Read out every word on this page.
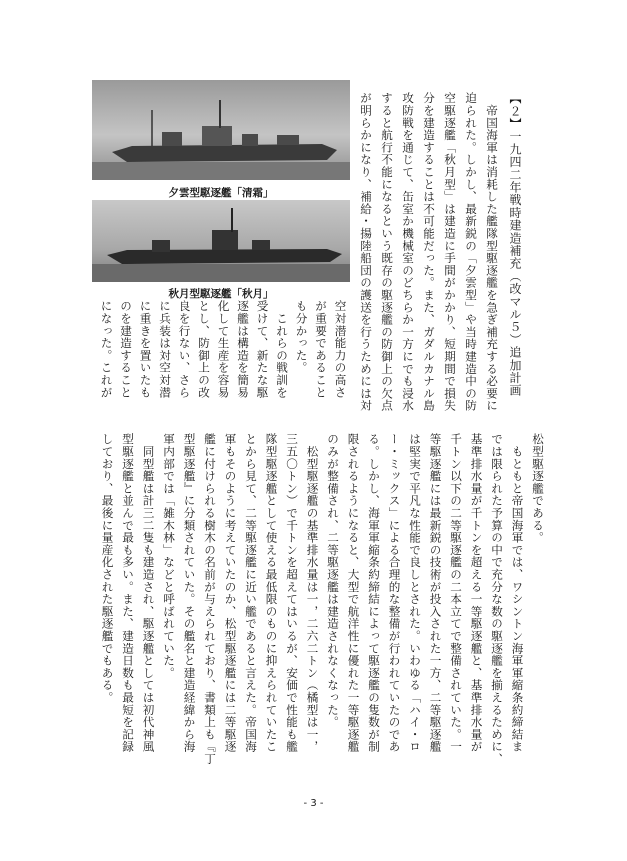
【２】一九四二年戦時建造補充（改マル５）追加計画
　帝国海軍は消耗した艦隊型駆逐艦を急ぎ補充する必要に
迫られた。しかし、最新鋭の「夕雲型」や当時建造中の防
空駆逐艦「秋月型」は建造に手間がかかり、短期間で損失
分を建造することは不可能だった。また、ガダルカナル島
攻防戦を通じて、缶室か機械室のどちらか一方にでも浸水
すると航行不能になるという既存の駆逐艦の防御上の欠点
が明らかになり、補給・揚陸船団の護送を行うためには対
夕雲型駆逐艦「清霜」
秋月型駆逐艦「秋月」
空対潜能力の高さ
が重要であること
も分かった。
　これらの戦訓を
受けて、新たな駆
逐艦は構造を簡易
化して生産を容易
とし、防御上の改
良を行ない、さら
に兵装は対空対潜
に重きを置いたも
のを建造すること
になった。これが
松型駆逐艦である。
　もともと帝国海軍では、ワシントン海軍軍縮条約締結ま
では限られた予算の中で充分な数の駆逐艦を揃えるために、
基準排水量が千トンを超える一等駆逐艦と、基準排水量が
千トン以下の二等駆逐艦の二本立てで整備されていた。一
等駆逐艦には最新鋭の技術が投入された一方、二等駆逐艦
は堅実で平凡な性能で良しとされた。いわゆる「ハイ・ロ
ー・ミックス」による合理的な整備が行われていたのであ
る。しかし、海軍軍縮条約締結によって駆逐艦の隻数が制
限されるようになると、大型で航洋性に優れた一等駆逐艦
のみが整備され、二等駆逐艦は建造されなくなった。
　松型駆逐艦の基準排水量は一，二六二トン（橘型は一，
三五〇トン）で千トンを超えてはいるが、安価で性能も艦
隊型駆逐艦として使える最低限のものに抑えられていたこ
とから見て、二等駆逐艦に近い艦であると言えた。帝国海
軍もそのように考えていたのか、松型駆逐艦には二等駆逐
艦に付けられる樹木の名前が与えられており、書類上も『丁
型駆逐艦』に分類されていた。その艦名と建造経緯から海
軍内部では「雑木林」などと呼ばれていた。
　同型艦は計三二隻も建造され、駆逐艦としては初代神風
型駆逐艦と並んで最も多い。また、建造日数も最短を記録
しており、最後に量産化された駆逐艦でもある。
- 3 -
